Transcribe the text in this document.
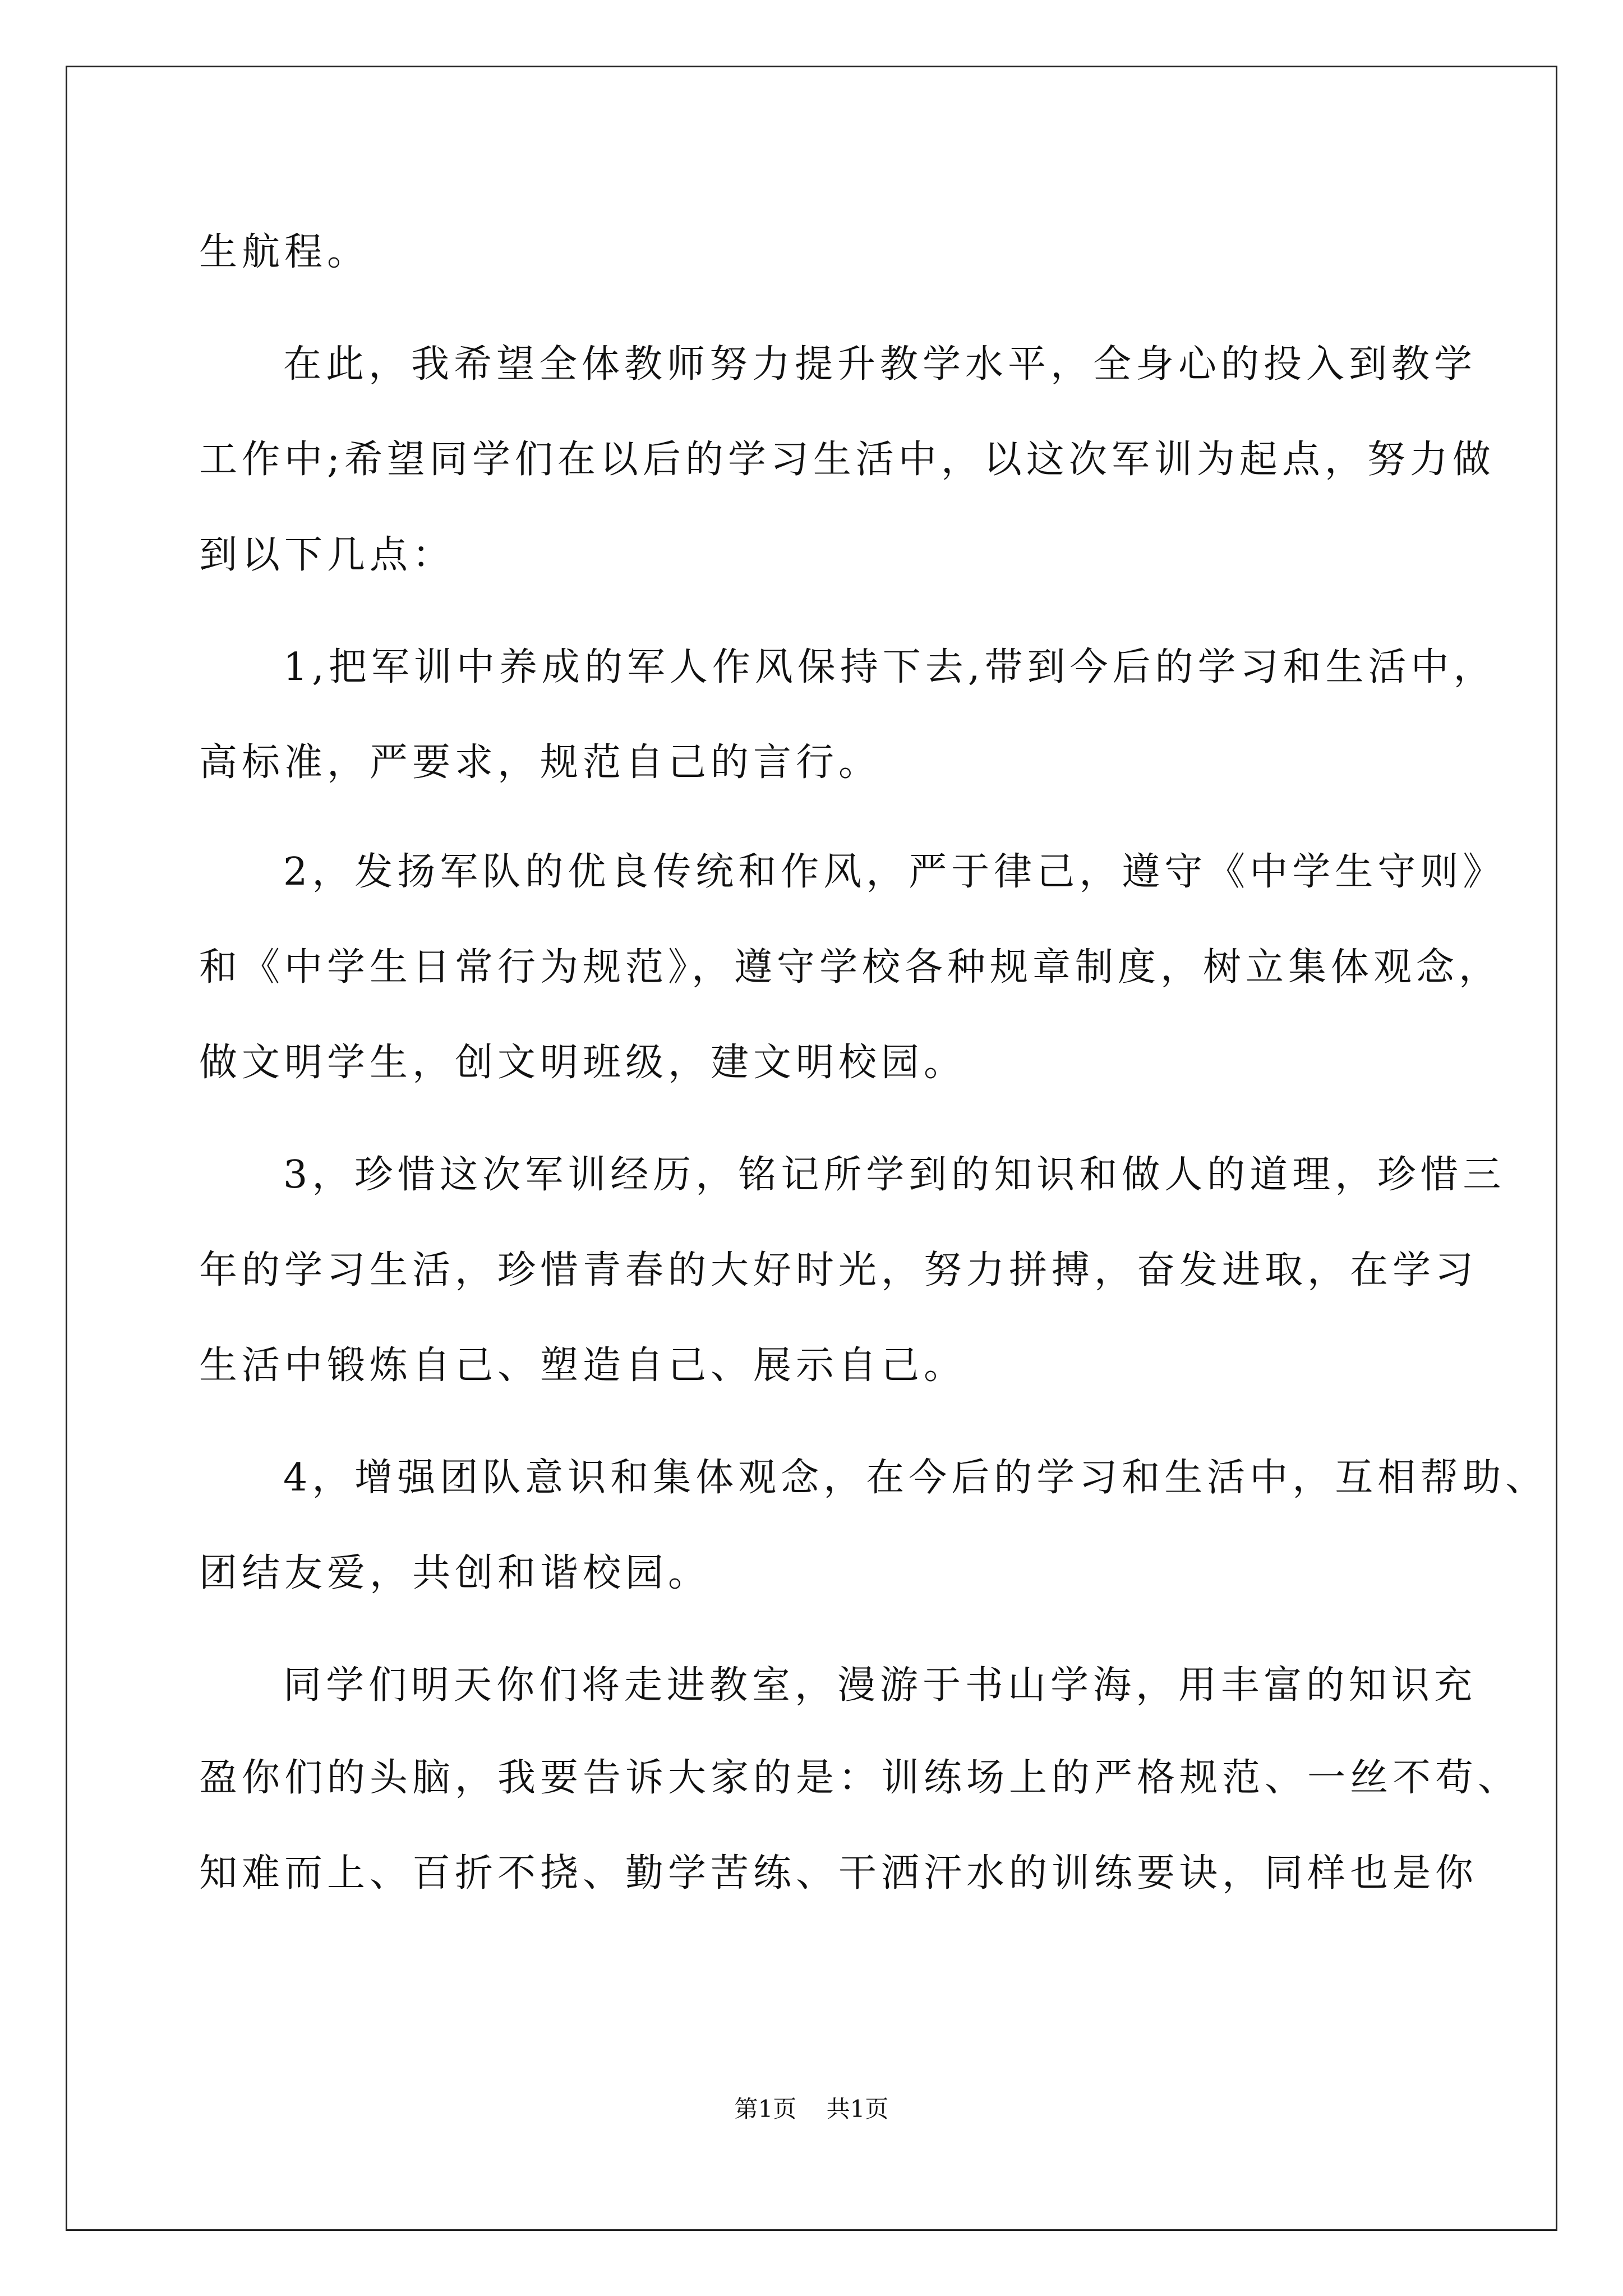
生航程。
在此，我希望全体教师努力提升教学水平，全身心的投入到教学
工作中;希望同学们在以后的学习生活中，以这次军训为起点，努力做
到以下几点：
1,把军训中养成的军人作风保持下去,带到今后的学习和生活中，
高标准，严要求，规范自己的言行。
2，发扬军队的优良传统和作风，严于律己，遵守《中学生守则》
和《中学生日常行为规范》，遵守学校各种规章制度，树立集体观念，
做文明学生，创文明班级，建文明校园。
3，珍惜这次军训经历，铭记所学到的知识和做人的道理，珍惜三
年的学习生活，珍惜青春的大好时光，努力拼搏，奋发进取，在学习
生活中锻炼自己、塑造自己、展示自己。
4，增强团队意识和集体观念，在今后的学习和生活中，互相帮助、
团结友爱，共创和谐校园。
同学们明天你们将走进教室，漫游于书山学海，用丰富的知识充
盈你们的头脑，我要告诉大家的是：训练场上的严格规范、一丝不苟、
知难而上、百折不挠、勤学苦练、干洒汗水的训练要诀，同样也是你
第1页 共1页
